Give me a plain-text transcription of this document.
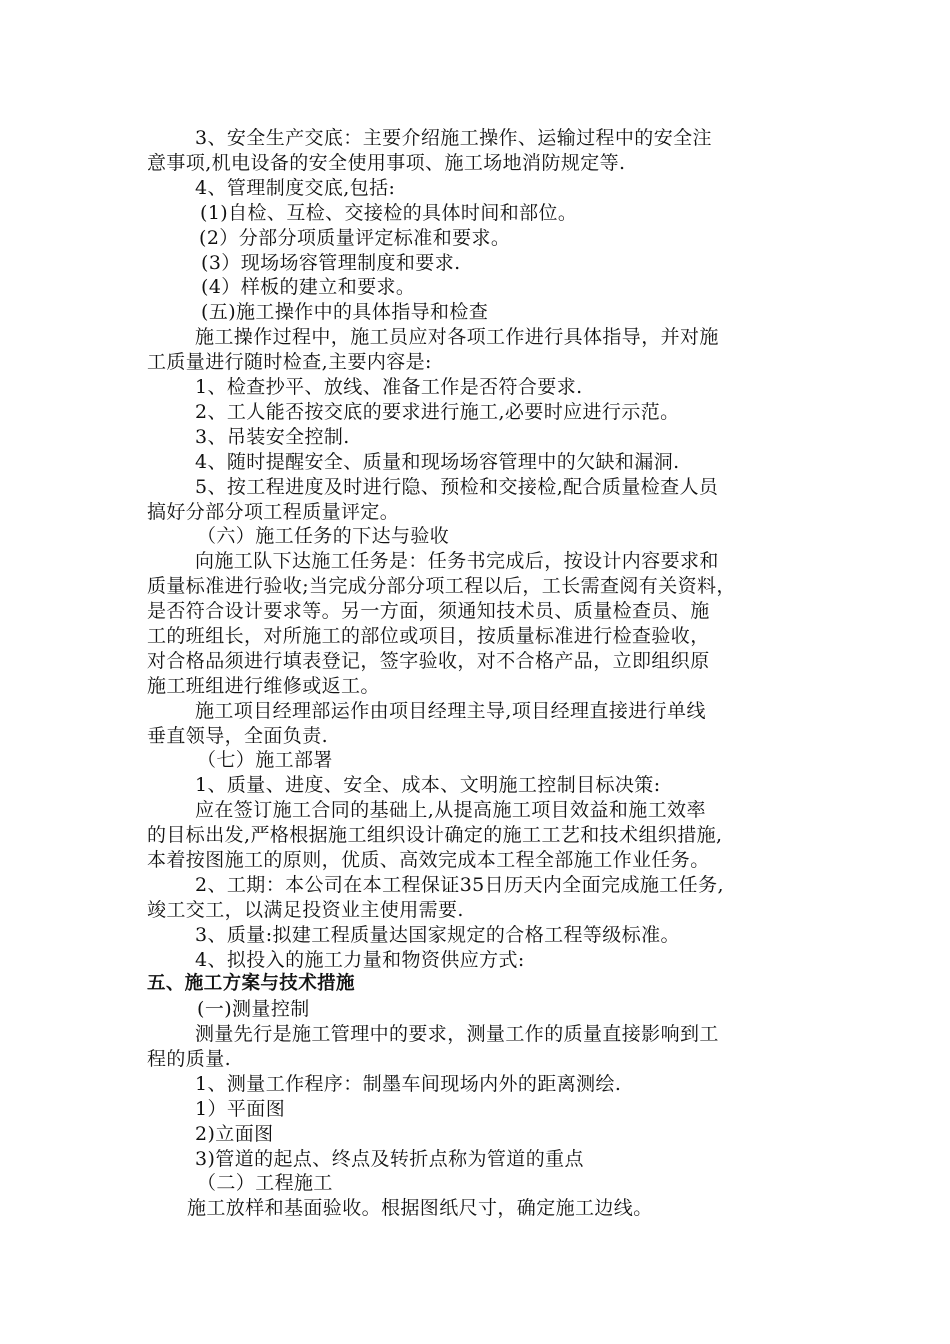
3、安全生产交底：主要介绍施工操作、运输过程中的安全注
意事项,机电设备的安全使用事项、施工场地消防规定等.
4、管理制度交底,包括:
(1)自检、互检、交接检的具体时间和部位。
(2）分部分项质量评定标准和要求。
(3）现场场容管理制度和要求.
(4）样板的建立和要求。
(五)施工操作中的具体指导和检查
施工操作过程中，施工员应对各项工作进行具体指导，并对施
工质量进行随时检查,主要内容是:
1、检查抄平、放线、准备工作是否符合要求.
2、工人能否按交底的要求进行施工,必要时应进行示范。
3、吊装安全控制.
4、随时提醒安全、质量和现场场容管理中的欠缺和漏洞.
5、按工程进度及时进行隐、预检和交接检,配合质量检查人员
搞好分部分项工程质量评定。
（六）施工任务的下达与验收
向施工队下达施工任务是：任务书完成后，按设计内容要求和
质量标准进行验收;当完成分部分项工程以后，工长需查阅有关资料，
是否符合设计要求等。另一方面，须通知技术员、质量检查员、施
工的班组长，对所施工的部位或项目，按质量标准进行检查验收，
对合格品须进行填表登记，签字验收，对不合格产品，立即组织原
施工班组进行维修或返工。
施工项目经理部运作由项目经理主导,项目经理直接进行单线
垂直领导，全面负责.
（七）施工部署
1、质量、进度、安全、成本、文明施工控制目标决策:
应在签订施工合同的基础上,从提高施工项目效益和施工效率
的目标出发,严格根据施工组织设计确定的施工工艺和技术组织措施,
本着按图施工的原则，优质、高效完成本工程全部施工作业任务。
2、工期：本公司在本工程保证35日历天内全面完成施工任务,
竣工交工，以满足投资业主使用需要.
3、质量:拟建工程质量达国家规定的合格工程等级标准。
4、拟投入的施工力量和物资供应方式:
五、施工方案与技术措施
(一)测量控制
测量先行是施工管理中的要求，测量工作的质量直接影响到工
程的质量.
1、测量工作程序：制墨车间现场内外的距离测绘.
1）平面图
2)立面图
3)管道的起点、终点及转折点称为管道的重点
（二）工程施工
施工放样和基面验收。根据图纸尺寸，确定施工边线。
